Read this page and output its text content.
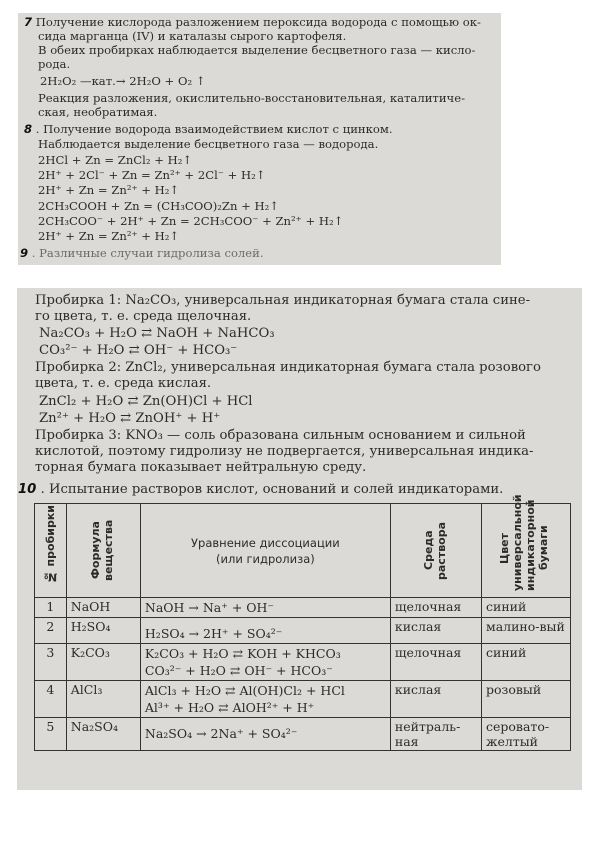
7 Получение кислорода разложением пероксида водорода с помощью ок-
сида марганца (IV) и каталазы сырого картофеля.
В обеих пробирках наблюдается выделение бесцветного газа — кисло-
рода.
2H₂O₂ —кат.→ 2H₂O + O₂ ↑
Реакция разложения, окислительно-восстановительная, каталитиче-
ская, необратимая.
8 . Получение водорода взаимодействием кислот с цинком.
Наблюдается выделение бесцветного газа — водорода.
2HCl + Zn = ZnCl₂ + H₂↑
2H⁺ + 2Cl⁻ + Zn = Zn²⁺ + 2Cl⁻ + H₂↑
2H⁺ + Zn = Zn²⁺ + H₂↑
2CH₃COOH + Zn = (CH₃COO)₂Zn + H₂↑
2CH₃COO⁻ + 2H⁺ + Zn = 2CH₃COO⁻ + Zn²⁺ + H₂↑
2H⁺ + Zn = Zn²⁺ + H₂↑
9 . Различные случаи гидролиза солей.
Пробирка 1: Na₂CO₃, универсальная индикаторная бумага стала сине-
го цвета, т. е. среда щелочная.
Na₂CO₃ + H₂O ⇄ NaOH + NaHCO₃
CO₃²⁻ + H₂O ⇄ OH⁻ + HCO₃⁻
Пробирка 2: ZnCl₂, универсальная индикаторная бумага стала розового
цвета, т. е. среда кислая.
ZnCl₂ + H₂O ⇄ Zn(OH)Cl + HCl
Zn²⁺ + H₂O ⇄ ZnOH⁺ + H⁺
Пробирка 3: KNO₃ — соль образована сильным основанием и сильной
кислотой, поэтому гидролизу не подвергается, универсальная индика-
торная бумага показывает нейтральную среду.
10 . Испытание растворов кислот, оснований и солей индикаторами.
№ пробирки	Формула вещества	Уравнение диссоциации (или гидролиза)	Среда раствора	Цвет универсальной индикаторной бумаги

1	NaOH	NaOH → Na⁺ + OH⁻	щелочная	синий
2	H₂SO₄	H₂SO₄ → 2H⁺ + SO₄²⁻	кислая	малино-вый
3	K₂CO₃	K₂CO₃ + H₂O ⇄ KOH + KHCO₃
CO₃²⁻ + H₂O ⇄ OH⁻ + HCO₃⁻	щелочная	синий
4	AlCl₃	AlCl₃ + H₂O ⇄ Al(OH)Cl₂ + HCl
Al³⁺ + H₂O ⇄ AlOH²⁺ + H⁺	кислая	розовый
5	Na₂SO₄	Na₂SO₄ → 2Na⁺ + SO₄²⁻	нейтраль-ная	серовато-желтый
